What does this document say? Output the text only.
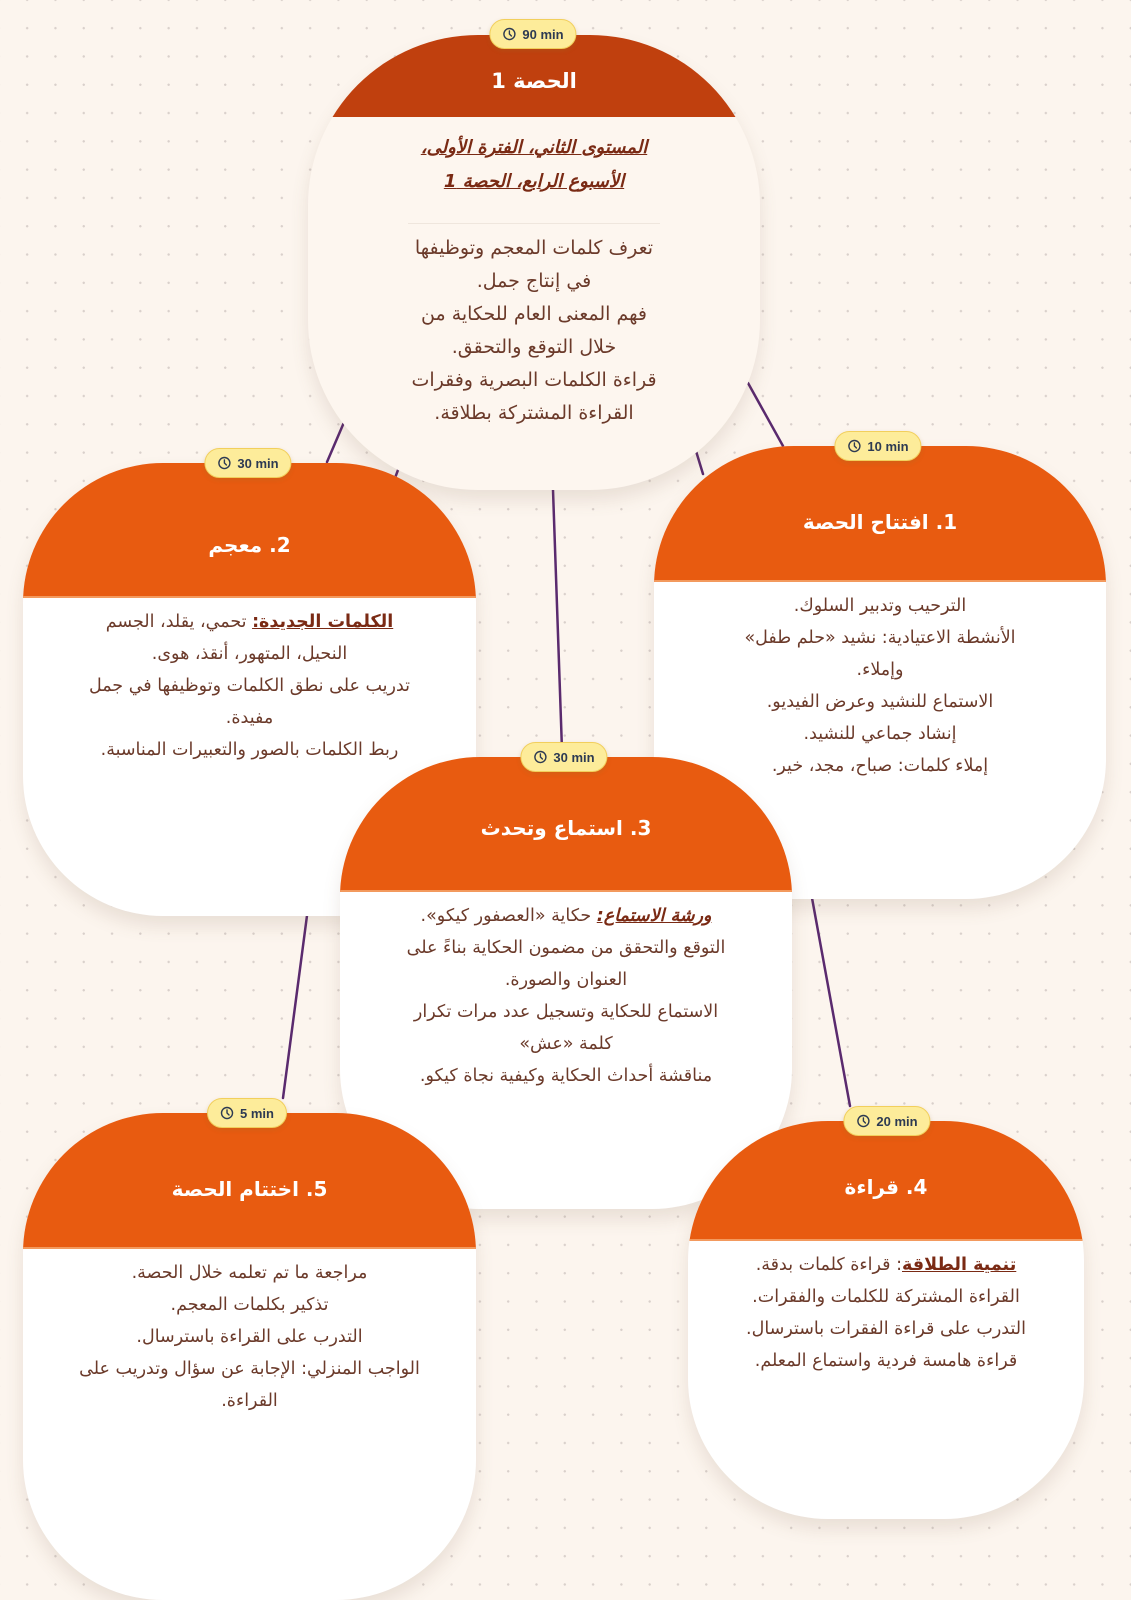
الحصة 1
المستوى الثاني، الفترة الأولى،
الأسبوع الرابع، الحصة 1
تعرف كلمات المعجم وتوظيفها
في إنتاج جمل.
فهم المعنى العام للحكاية من
خلال التوقع والتحقق.
قراءة الكلمات البصرية وفقرات
القراءة المشتركة بطلاقة.
90 min
2. معجم
الكلمات الجديدة: تحمي، يقلد، الجسم
النحيل، المتهور، أنقذ، هوى.
تدريب على نطق الكلمات وتوظيفها في جمل
مفيدة.
ربط الكلمات بالصور والتعبيرات المناسبة.
30 min
1. افتتاح الحصة
الترحيب وتدبير السلوك.
الأنشطة الاعتيادية: نشيد «حلم طفل»
وإملاء.
الاستماع للنشيد وعرض الفيديو.
إنشاد جماعي للنشيد.
إملاء كلمات: صباح، مجد، خير.
10 min
3. استماع وتحدث
ورشة الاستماع: حكاية «العصفور كيكو».
التوقع والتحقق من مضمون الحكاية بناءً على
العنوان والصورة.
الاستماع للحكاية وتسجيل عدد مرات تكرار
كلمة «عش»
مناقشة أحداث الحكاية وكيفية نجاة كيكو.
30 min
5. اختتام الحصة
مراجعة ما تم تعلمه خلال الحصة.
تذكير بكلمات المعجم.
التدرب على القراءة باسترسال.
الواجب المنزلي: الإجابة عن سؤال وتدريب على
القراءة.
5 min
4. قراءة
تنمية الطلاقة: قراءة كلمات بدقة.
القراءة المشتركة للكلمات والفقرات.
التدرب على قراءة الفقرات باسترسال.
قراءة هامسة فردية واستماع المعلم.
20 min
